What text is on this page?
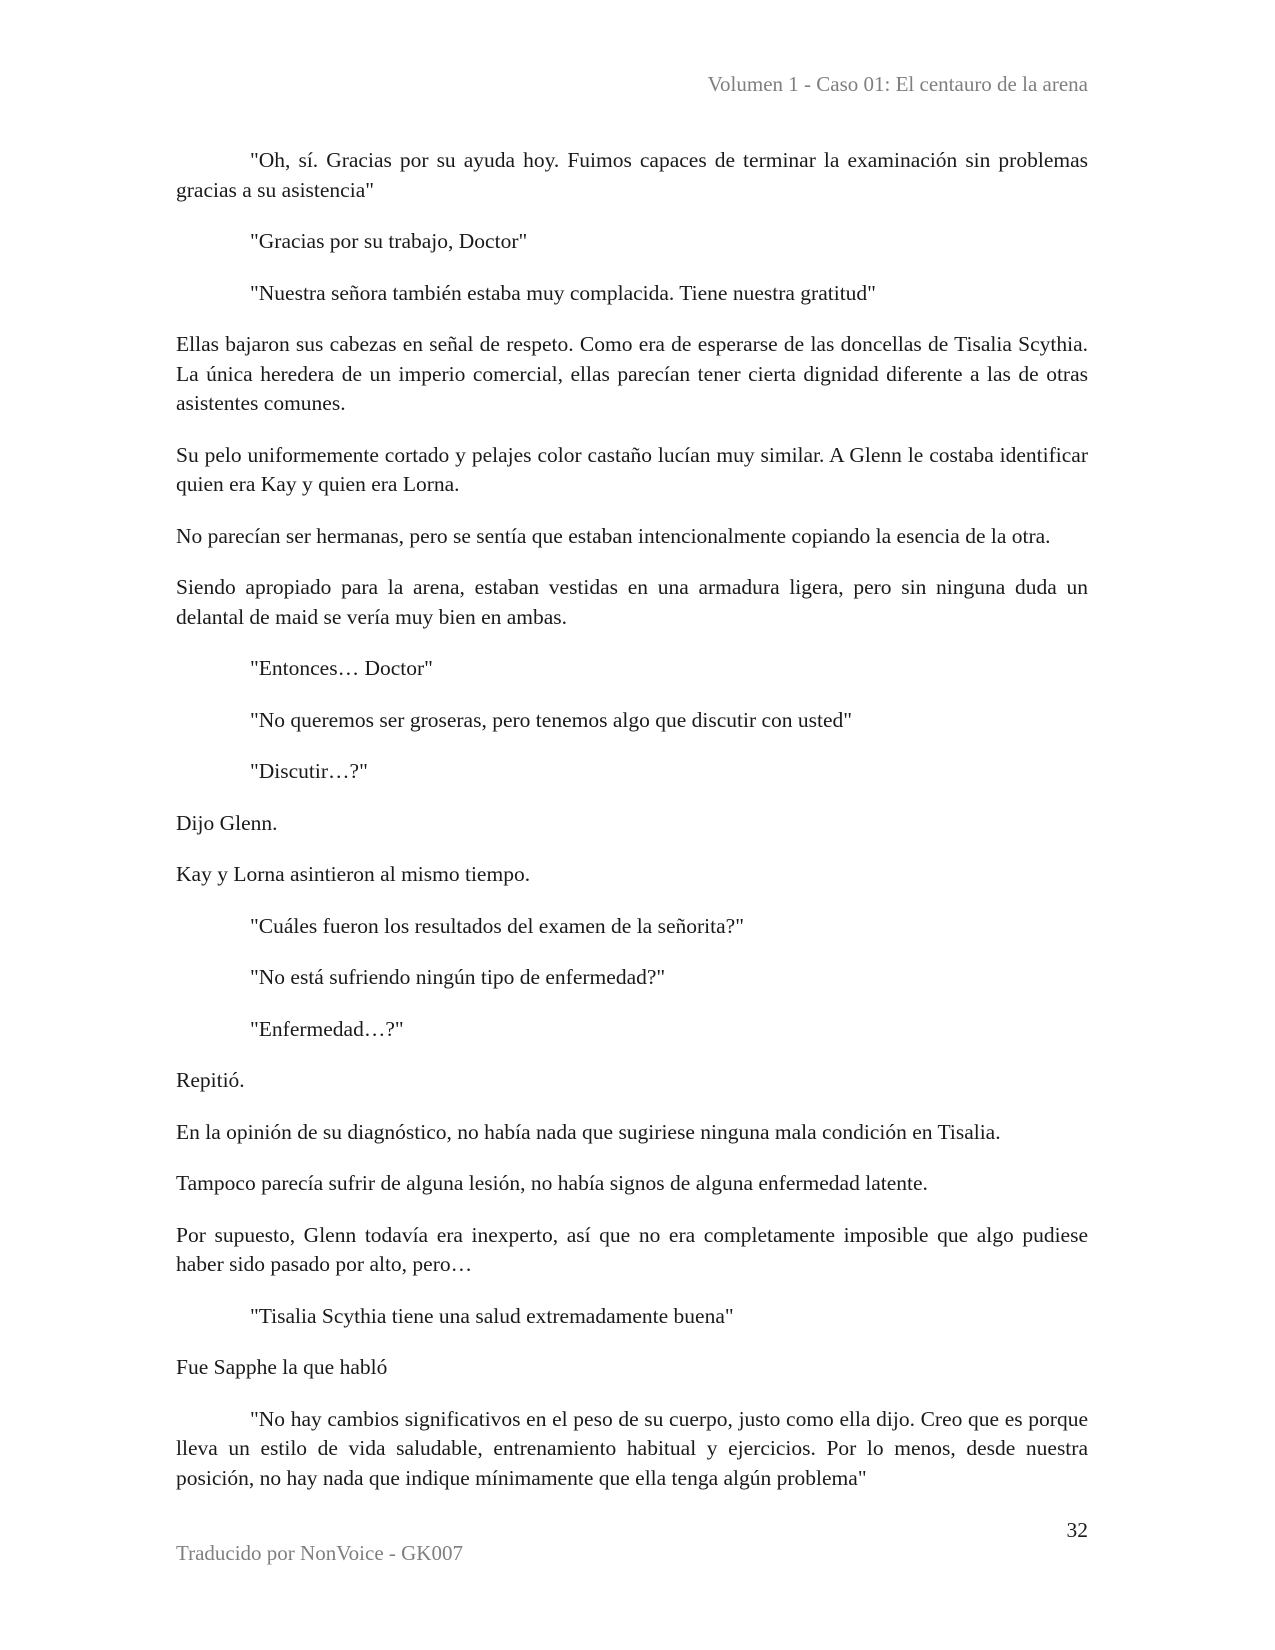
Volumen 1 - Caso 01: El centauro de la arena

"Oh, sí. Gracias por su ayuda hoy. Fuimos capaces de terminar la examinación sin problemas gracias a su asistencia"

"Gracias por su trabajo, Doctor"

"Nuestra señora también estaba muy complacida. Tiene nuestra gratitud"

Ellas bajaron sus cabezas en señal de respeto. Como era de esperarse de las doncellas de Tisalia Scythia. La única heredera de un imperio comercial, ellas parecían tener cierta dignidad diferente a las de otras asistentes comunes.

Su pelo uniformemente cortado y pelajes color castaño lucían muy similar. A Glenn le costaba identificar quien era Kay y quien era Lorna.

No parecían ser hermanas, pero se sentía que estaban intencionalmente copiando la esencia de la otra.

Siendo apropiado para la arena, estaban vestidas en una armadura ligera, pero sin ninguna duda un delantal de maid se vería muy bien en ambas.

"Entonces… Doctor"

"No queremos ser groseras, pero tenemos algo que discutir con usted"

"Discutir…?"

Dijo Glenn.

Kay y Lorna asintieron al mismo tiempo.

"Cuáles fueron los resultados del examen de la señorita?"

"No está sufriendo ningún tipo de enfermedad?"

"Enfermedad…?"

Repitió.

En la opinión de su diagnóstico, no había nada que sugiriese ninguna mala condición en Tisalia.

Tampoco parecía sufrir de alguna lesión, no había signos de alguna enfermedad latente.

Por supuesto, Glenn todavía era inexperto, así que no era completamente imposible que algo pudiese haber sido pasado por alto, pero…

"Tisalia Scythia tiene una salud extremadamente buena"

Fue Sapphe la que habló

"No hay cambios significativos en el peso de su cuerpo, justo como ella dijo. Creo que es porque lleva un estilo de vida saludable, entrenamiento habitual y ejercicios. Por lo menos, desde nuestra posición, no hay nada que indique mínimamente que ella tenga algún problema"

32
Traducido por NonVoice - GK007
